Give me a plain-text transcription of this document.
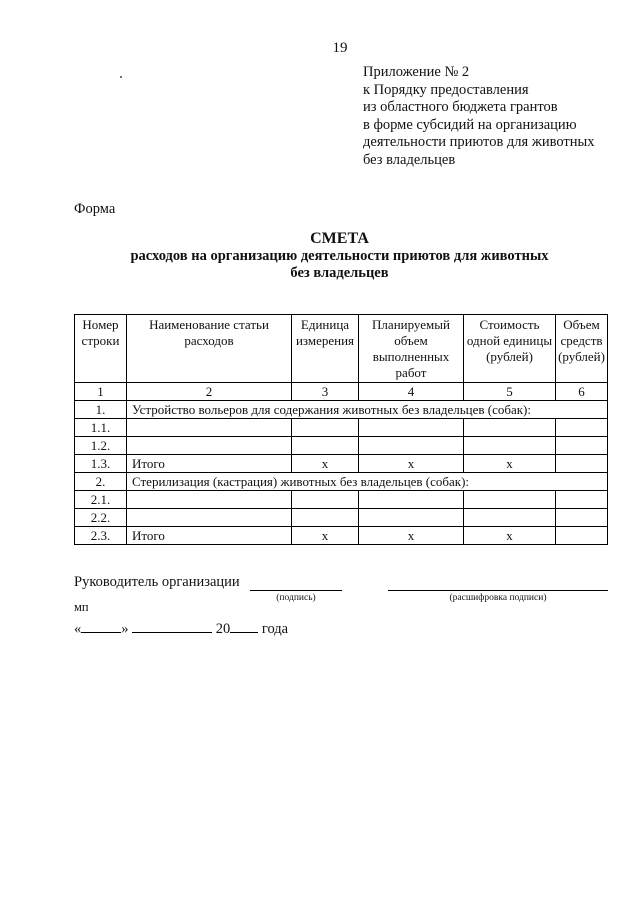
19
Приложение № 2
к Порядку предоставления
из областного бюджета грантов
в форме субсидий на организацию
деятельности приютов для животных
без владельцев
Форма
СМЕТА
расходов на организацию деятельности приютов для животных
без владельцев
Номер строки	Наименование статьи расходов	Единица измерения	Планируемый объем выполненных работ	Стоимость одной единицы (рублей)	Объем средств (рублей)
1	2	3	4	5	6
1.	Устройство вольеров для содержания животных без владельцев (собак):				
1.1.					
1.2.					
1.3.	Итого	х	х	х	
2.	Стерилизация (кастрация) животных без владельцев (собак):				
2.1.					
2.2.					
2.3.	Итого	х	х	х	
Руководитель организации
(подпись)	(расшифровка подписи)
мп
«	»	20 года
